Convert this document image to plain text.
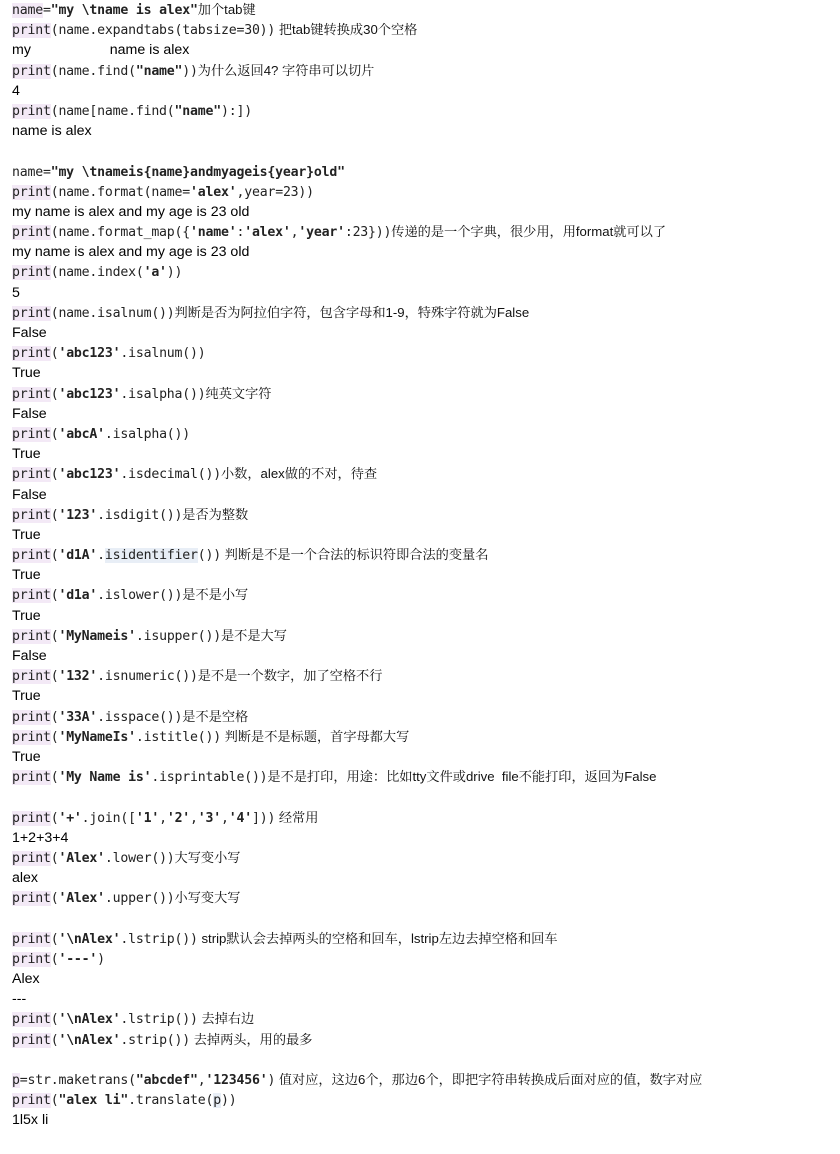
name="my \tname is alex"加个tab键
print(name.expandtabs(tabsize=30)) 把tab键转换成30个空格
my                    name is alex
print(name.find("name"))为什么返回4? 字符串可以切片
4
print(name[name.find("name"):])
name is alex
name="my \tnameis{name}andmyageis{year}old"
print(name.format(name='alex',year=23))
my name is alex and my age is 23 old
print(name.format_map({'name':'alex','year':23}))传递的是一个字典，很少用，用format就可以了
my name is alex and my age is 23 old
print(name.index('a'))
5
print(name.isalnum())判断是否为阿拉伯字符，包含字母和1-9，特殊字符就为False
False
print('abc123'.isalnum())
True
print('abc123'.isalpha())纯英文字符
False
print('abcA'.isalpha())
True
print('abc123'.isdecimal())小数，alex做的不对，待查
False
print('123'.isdigit())是否为整数
True
print('d1A'.isidentifier()) 判断是不是一个合法的标识符即合法的变量名
True
print('d1a'.islower())是不是小写
True
print('MyNameis'.isupper())是不是大写
False
print('132'.isnumeric())是不是一个数字，加了空格不行
True
print('33A'.isspace())是不是空格
print('MyNameIs'.istitle()) 判断是不是标题，首字母都大写
True
print('My Name is'.isprintable())是不是打印，用途：比如tty文件或drive  file不能打印，返回为False
print('+'.join(['1','2','3','4'])) 经常用
1+2+3+4
print('Alex'.lower())大写变小写
alex
print('Alex'.upper())小写变大写
print('\nAlex'.lstrip()) strip默认会去掉两头的空格和回车，lstrip左边去掉空格和回车
print('---')
Alex
---
print('\nAlex'.lstrip()) 去掉右边
print('\nAlex'.strip()) 去掉两头，用的最多
p=str.maketrans("abcdef",'123456') 值对应，这边6个，那边6个，即把字符串转换成后面对应的值，数字对应
print("alex li".translate(p))
1l5x li
